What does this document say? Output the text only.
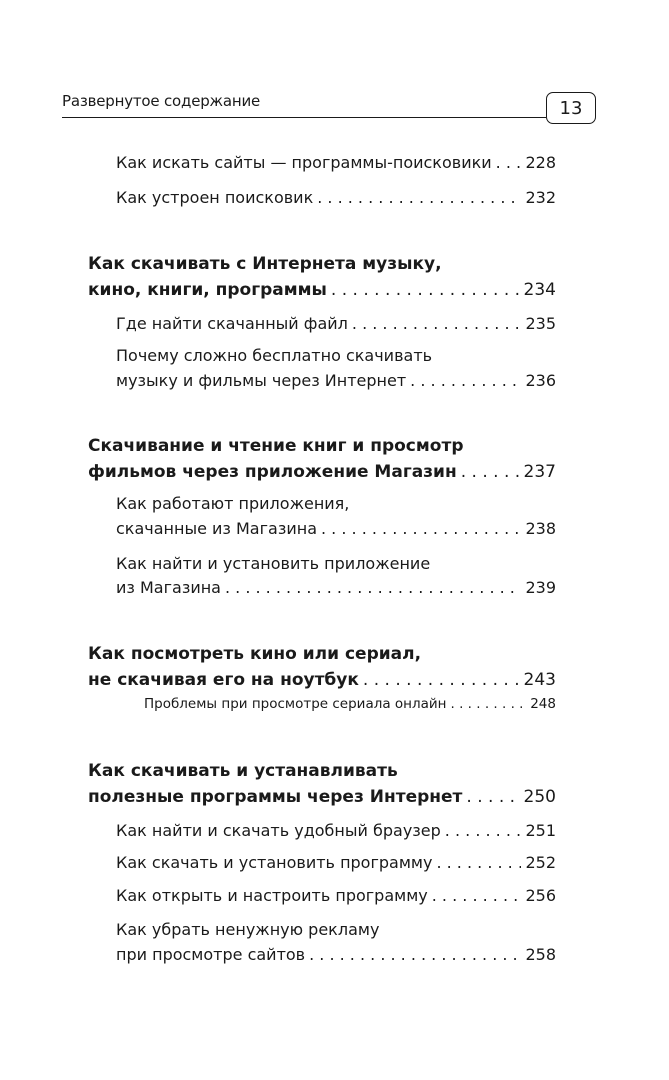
Развернутое содержание	13
Как искать сайты — программы-поисковики . . . 228
Как устроен поисковик . . .	232
Как скачивать с Интернета музыку,
кино, книги, программы . . .	234
Где найти скачанный файл . . .	235
Почему сложно бесплатно скачивать
музыку и фильмы через Интернет . . .	236
Скачивание и чтение книг и просмотр
фильмов через приложение Магазин . . .	237
Как работают приложения,
скачанные из Магазина . . .	238
Как найти и установить приложение
из Магазина . . .	239
Как посмотреть кино или сериал,
не скачивая его на ноутбук . . .	243
Проблемы при просмотре сериала онлайн . . .	248
Как скачивать и устанавливать
полезные программы через Интернет . . .	250
Как найти и скачать удобный браузер . . .	251
Как скачать и установить программу . . .	252
Как открыть и настроить программу . . .	256
Как убрать ненужную рекламу
при просмотре сайтов . . .	258
